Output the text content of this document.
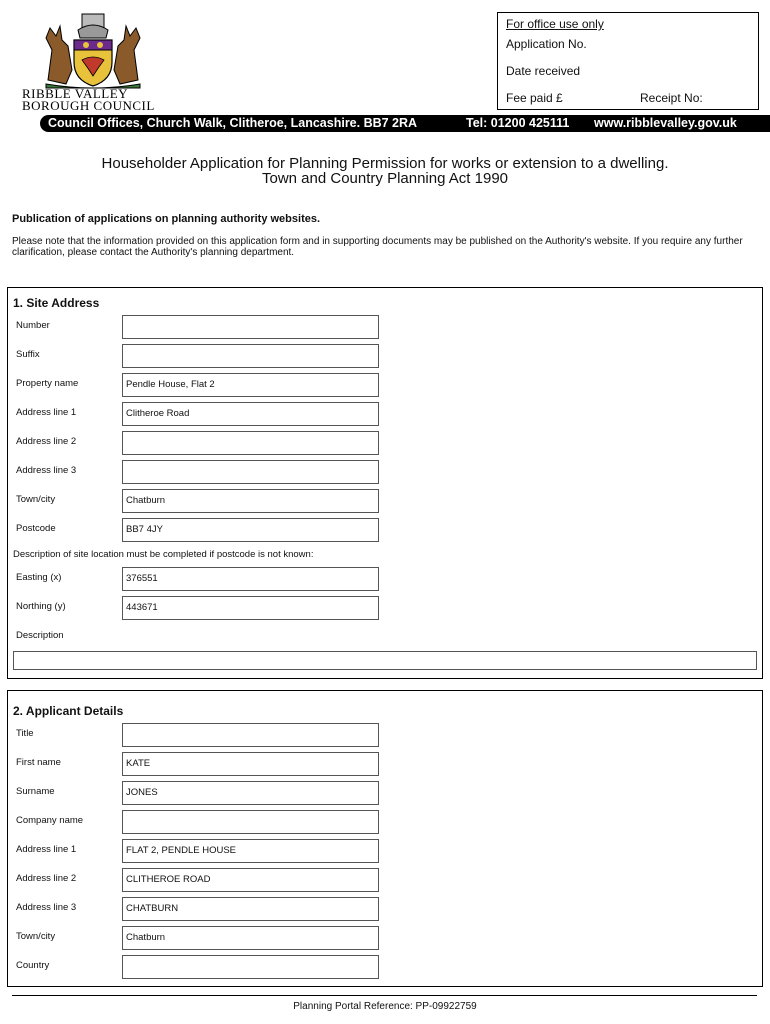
RIBBLE VALLEY
BOROUGH COUNCIL
For office use only
Application No.
Date received
Fee paid £	Receipt No:
Council Offices, Church Walk, Clitheroe, Lancashire. BB7 2RA	Tel: 01200 425111 www.ribblevalley.gov.uk
Householder Application for Planning Permission for works or extension to a dwelling.
Town and Country Planning Act 1990
Publication of applications on planning authority websites.
Please note that the information provided on this application form and in supporting documents may be published on the Authority's website. If you require any further clarification, please contact the Authority's planning department.
1. Site Address
Number
Suffix
Property name	Pendle House, Flat 2
Address line 1	Clitheroe Road
Address line 2
Address line 3
Town/city	Chatburn
Postcode	BB7 4JY
Description of site location must be completed if postcode is not known:
Easting (x)	376551
Northing (y)	443671
Description
2. Applicant Details
Title
First name	KATE
Surname	JONES
Company name
Address line 1	FLAT 2, PENDLE HOUSE
Address line 2	CLITHEROE ROAD
Address line 3	CHATBURN
Town/city	Chatburn
Country
Planning Portal Reference: PP-09922759
